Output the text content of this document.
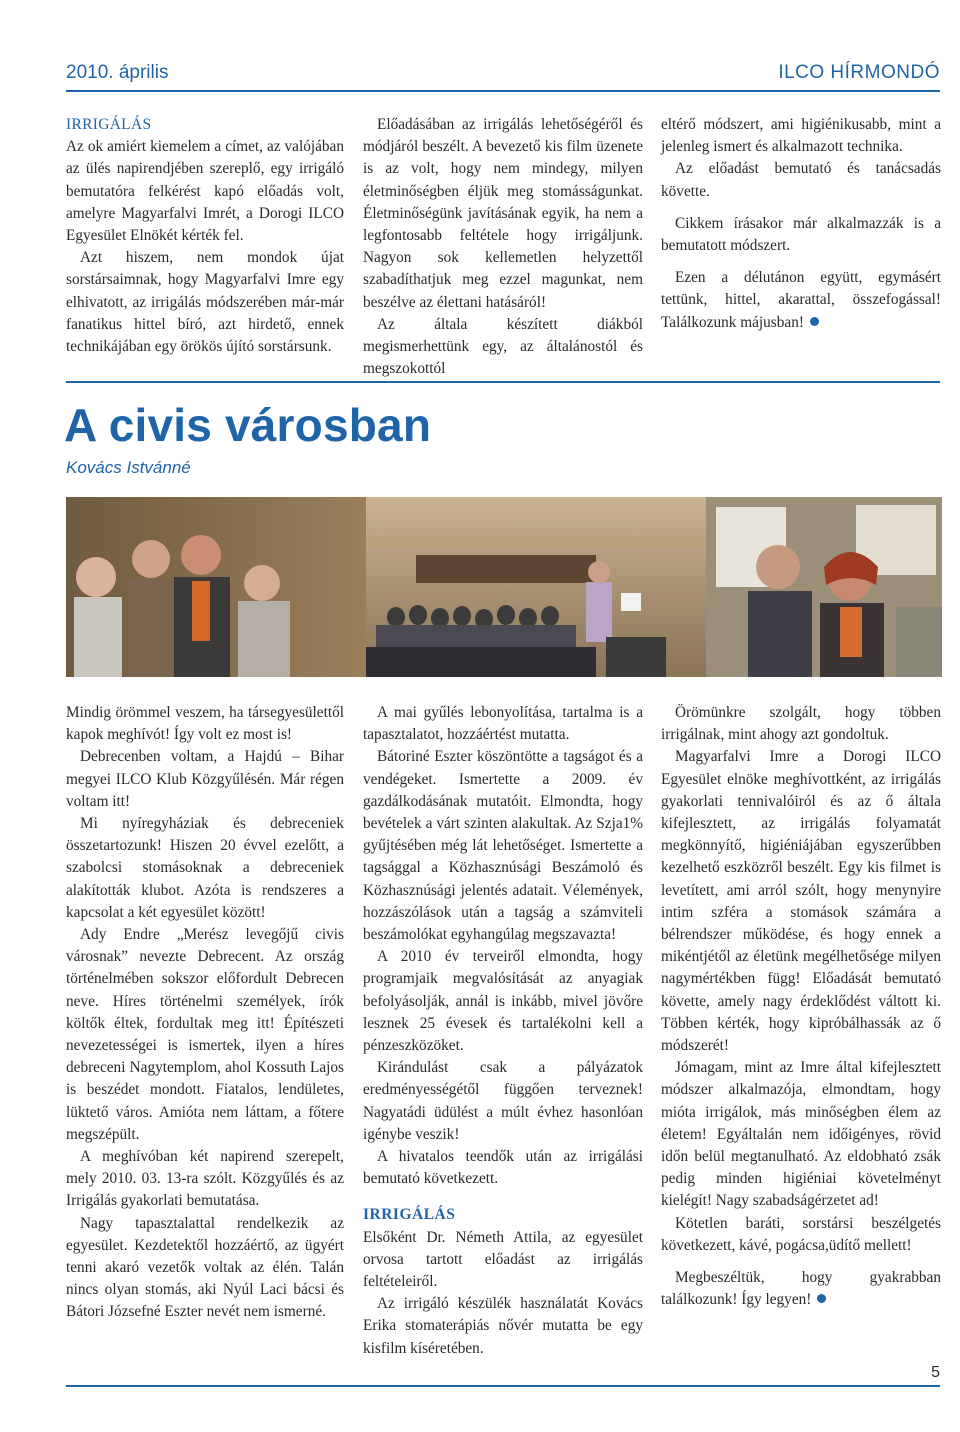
2010. április	ILCO HÍRMONDÓ

IRRIGÁLÁS

Az ok amiért kiemelem a címet, az valójában az ülés napirendjében szereplő, egy irrigáló bemutatóra felkérést kapó előadás volt, amelyre Magyarfalvi Imrét, a Dorogi ILCO Egyesület Elnökét kérték fel.

Azt hiszem, nem mondok újat sorstársaimnak, hogy Magyarfalvi Imre egy elhivatott, az irrigálás módszerében már-már fanatikus hittel bíró, azt hirdető, ennek technikájában egy örökös újító sorstársunk.

Előadásában az irrigálás lehetőségéről és módjáról beszélt. A bevezető kis film üzenete is az volt, hogy nem mindegy, milyen életminőségben éljük meg stomásságunkat. Életminőségünk javításának egyik, ha nem a legfontosabb feltétele hogy irrigáljunk. Nagyon sok kellemetlen helyzettől szabadíthatjuk meg ezzel magunkat, nem beszélve az élettani hatásáról!

Az általa készített diákból megismerhettünk egy, az általánostól és megszokottól

eltérő módszert, ami higiénikusabb, mint a jelenleg ismert és alkalmazott technika.

Az előadást bemutató és tanácsadás követte.

Cikkem írásakor már alkalmazzák is a bemutatott módszert.

Ezen a délutánon együtt, egymásért tettünk, hittel, akarattal, összefogással! Találkozunk májusban!

A civis városban
Kovács Istvánné

Mindig örömmel veszem, ha társegyesülettől kapok meghívót! Így volt ez most is!

Debrecenben voltam, a Hajdú – Bihar megyei ILCO Klub Közgyűlésén. Már régen voltam itt!

Mi nyíregyháziak és debreceniek összetartozunk! Hiszen 20 évvel ezelőtt, a szabolcsi stomásoknak a debreceniek alakították klubot. Azóta is rendszeres a kapcsolat a két egyesület között!

Ady Endre „Merész levegőjű civis városnak” nevezte Debrecent. Az ország történelmében sokszor előfordult Debrecen neve. Híres történelmi személyek, írók költők éltek, fordultak meg itt! Építészeti nevezetességei is ismertek, ilyen a híres debreceni Nagytemplom, ahol Kossuth Lajos is beszédet mondott. Fiatalos, lendületes, lüktető város. Amióta nem láttam, a főtere megszépült.

A meghívóban két napirend szerepelt, mely 2010. 03. 13-ra szólt. Közgyűlés és az Irrigálás gyakorlati bemutatása.

Nagy tapasztalattal rendelkezik az egyesület. Kezdetektől hozzáértő, az ügyért tenni akaró vezetők voltak az élén. Talán nincs olyan stomás, aki Nyúl Laci bácsi és Bátori Józsefné Eszter nevét nem ismerné.

A mai gyűlés lebonyolítása, tartalma is a tapasztalatot, hozzáértést mutatta.

Bátoriné Eszter köszöntötte a tagságot és a vendégeket. Ismertette a 2009. év gazdálkodásának mutatóit. Elmondta, hogy bevételek a várt szinten alakultak. Az Szja1% gyűjtésében még lát lehetőséget. Ismertette a tagsággal a Közhasznúsági Beszámoló és Közhasznúsági jelentés adatait. Vélemények, hozzászólások után a tagság a számviteli beszámolókat egyhangúlag megszavazta!

A 2010 év terveiről elmondta, hogy programjaik megvalósítását az anyagiak befolyásolják, annál is inkább, mivel jövőre lesznek 25 évesek és tartalékolni kell a pénzeszközöket.

Kirándulást csak a pályázatok eredményességétől függően terveznek! Nagyatádi üdülést a múlt évhez hasonlóan igénybe veszik!

A hivatalos teendők után az irrigálási bemutató következett.

IRRIGÁLÁS

Elsőként Dr. Németh Attila, az egyesület orvosa tartott előadást az irrigálás feltételeiről.

Az irrigáló készülék használatát Kovács Erika stomaterápiás nővér mutatta be egy kisfilm kíséretében.

Örömünkre szolgált, hogy többen irrigálnak, mint ahogy azt gondoltuk.

Magyarfalvi Imre a Dorogi ILCO Egyesület elnöke meghívottként, az irrigálás gyakorlati tennivalóiról és az ő általa kifejlesztett, az irrigálás folyamatát megkönnyítő, higiéniájában egyszerűbben kezelhető eszközről beszélt. Egy kis filmet is levetített, ami arról szólt, hogy menynyire intim szféra a stomások számára a bélrendszer működése, és hogy ennek a mikéntjétől az életünk megélhetősége milyen nagymértékben függ! Előadását bemutató követte, amely nagy érdeklődést váltott ki. Többen kérték, hogy kipróbálhassák az ő módszerét!

Jómagam, mint az Imre által kifejlesztett módszer alkalmazója, elmondtam, hogy mióta irrigálok, más minőségben élem az életem! Egyáltalán nem időigényes, rövid időn belül megtanulható. Az eldobható zsák pedig minden higiéniai követelményt kielégít! Nagy szabadságérzetet ad!

Kötetlen baráti, sorstársi beszélgetés következett, kávé, pogácsa,üdítő mellett!

Megbeszéltük, hogy gyakrabban találkozunk! Így legyen!

5
